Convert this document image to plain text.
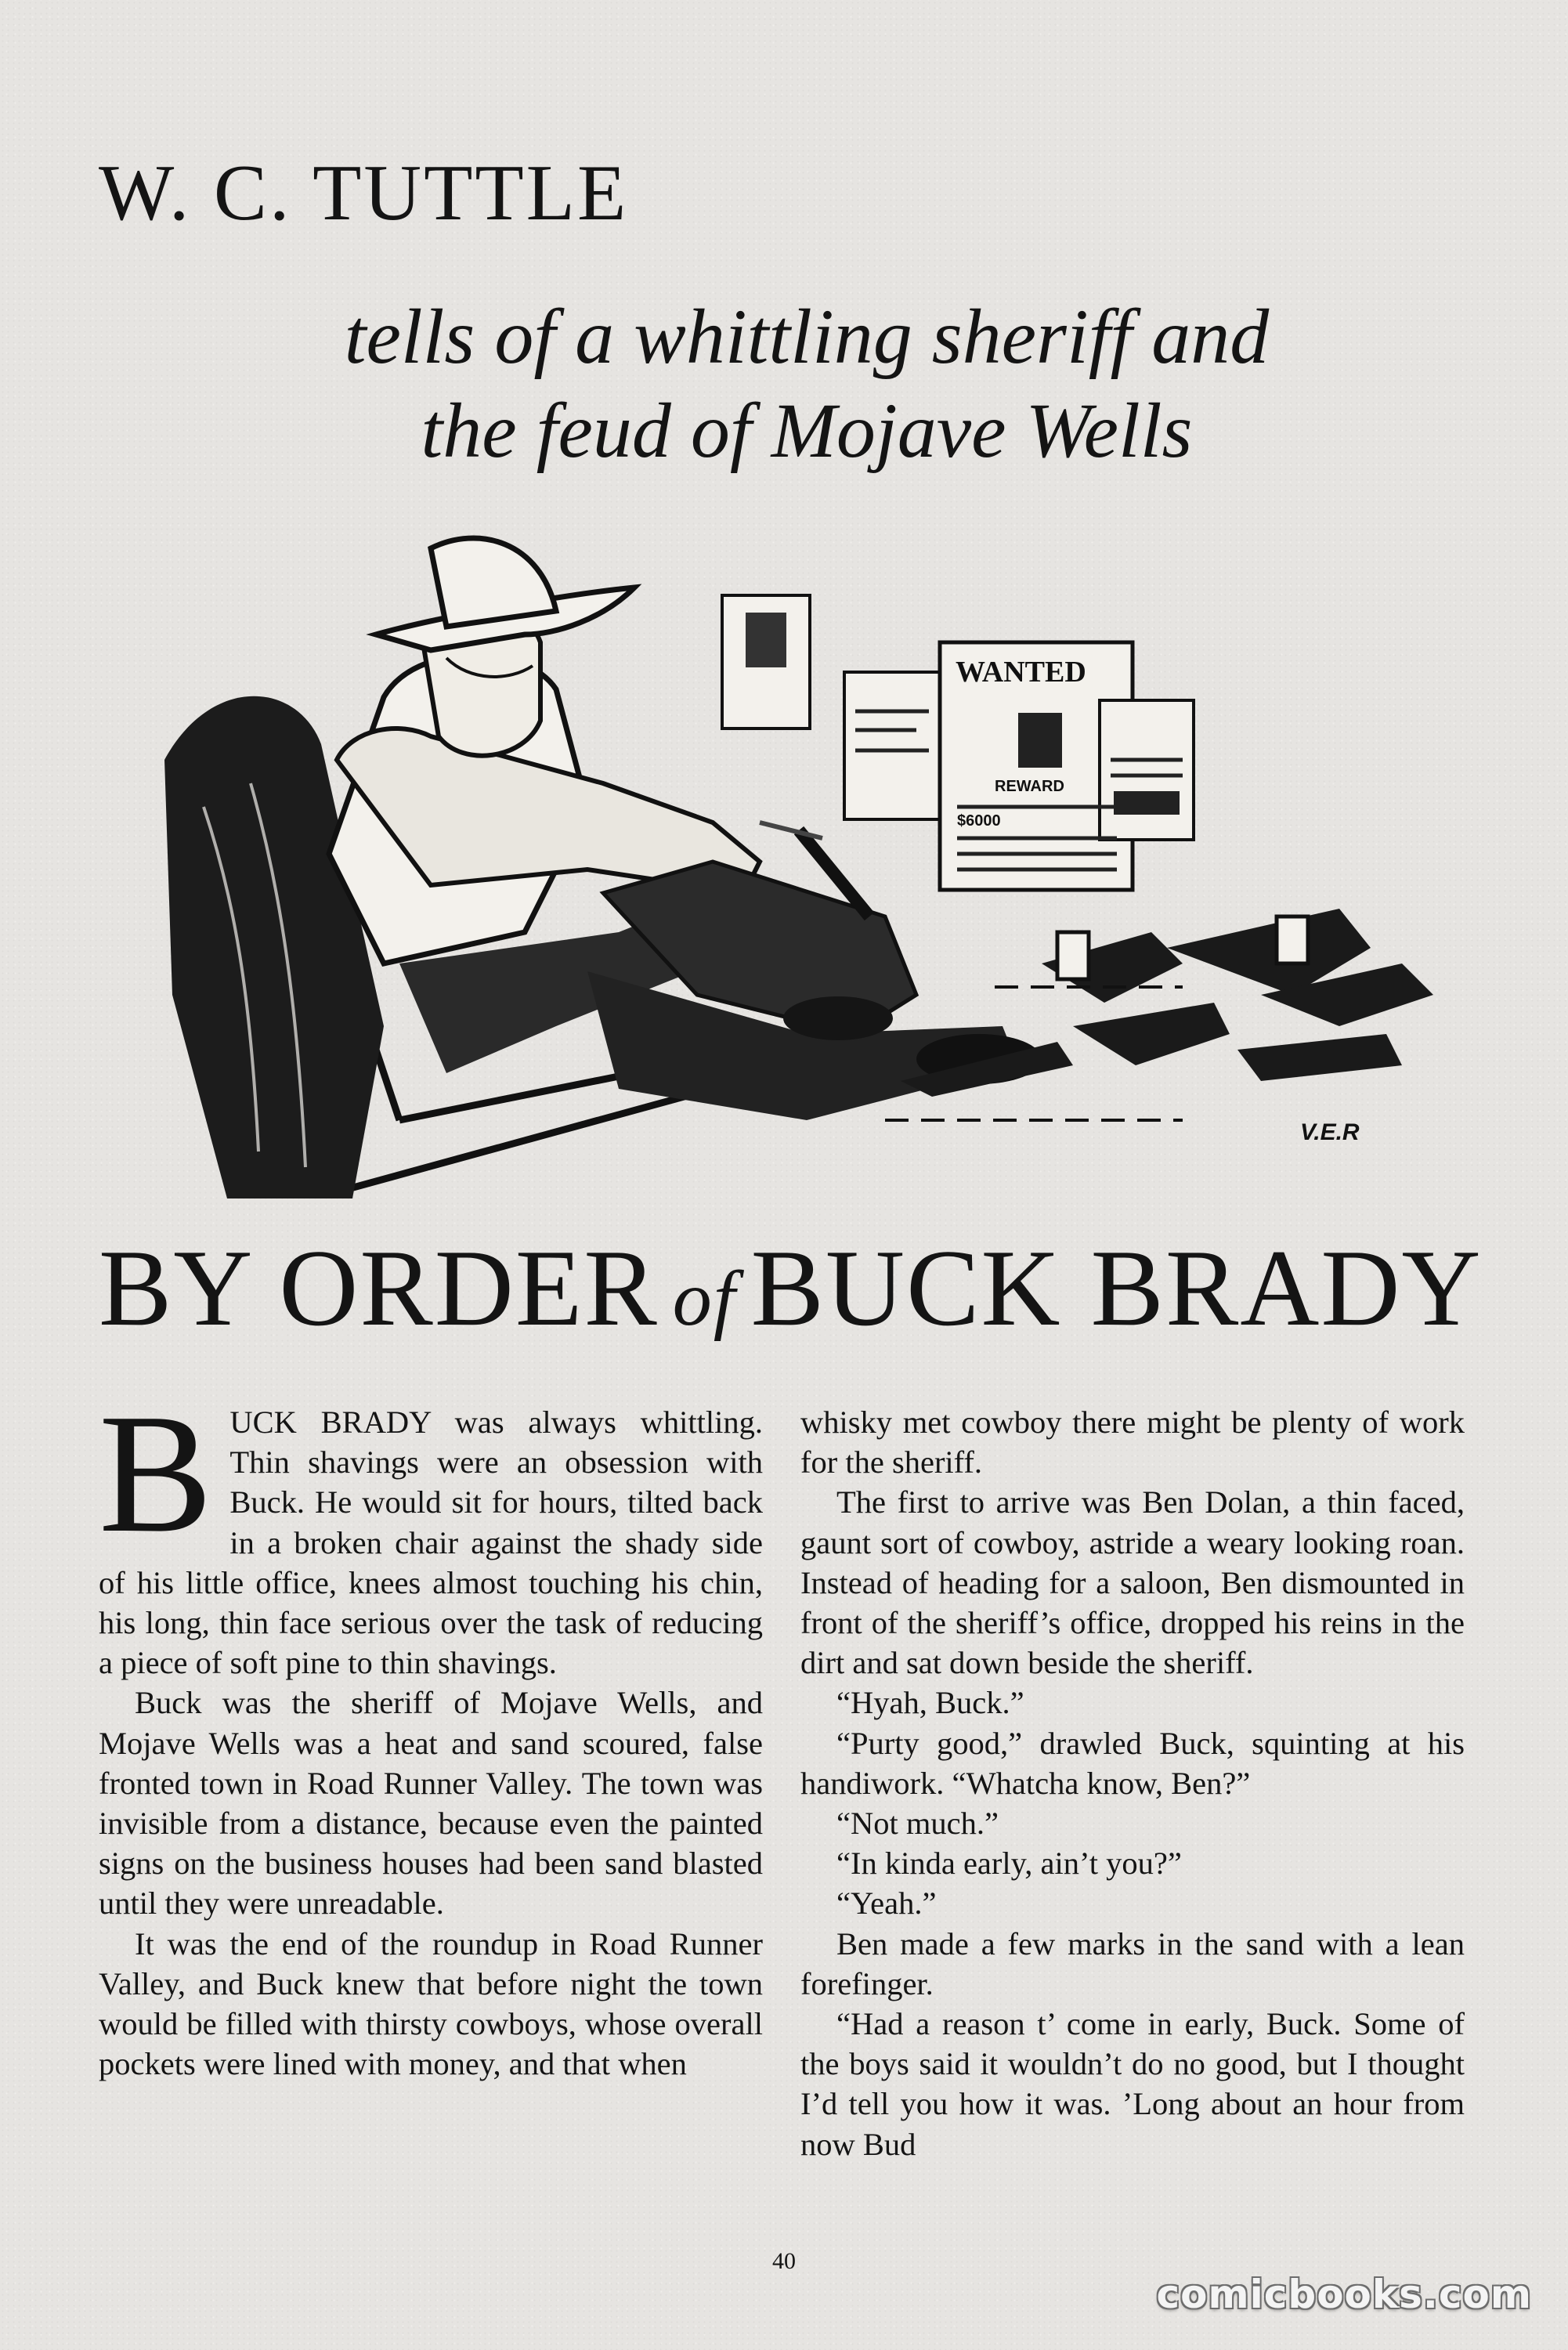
W. C. TUTTLE
tells of a whittling sheriff and
the feud of Mojave Wells
WANTED
REWARD
$6000
V.E.R
BY ORDER of BUCK BRADY

BUCK BRADY was always whittling. Thin shavings were an obsession with Buck. He would sit for hours, tilted back in a broken chair against the shady side of his little office, knees almost touching his chin, his long, thin face serious over the task of reducing a piece of soft pine to thin shavings.

Buck was the sheriff of Mojave Wells, and Mojave Wells was a heat and sand scoured, false fronted town in Road Runner Valley. The town was invisible from a distance, because even the painted signs on the business houses had been sand blasted until they were unreadable.

It was the end of the roundup in Road Runner Valley, and Buck knew that before night the town would be filled with thirsty cowboys, whose overall pockets were lined with money, and that when

whisky met cowboy there might be plenty of work for the sheriff.

The first to arrive was Ben Dolan, a thin faced, gaunt sort of cowboy, astride a weary looking roan. Instead of heading for a saloon, Ben dismounted in front of the sheriff’s office, dropped his reins in the dirt and sat down beside the sheriff.

“Hyah, Buck.”

“Purty good,” drawled Buck, squinting at his handiwork. “Whatcha know, Ben?”

“Not much.”

“In kinda early, ain’t you?”

“Yeah.”

Ben made a few marks in the sand with a lean forefinger.

“Had a reason t’ come in early, Buck. Some of the boys said it wouldn’t do no good, but I thought I’d tell you how it was. ’Long about an hour from now Bud

40
comicbooks.com
